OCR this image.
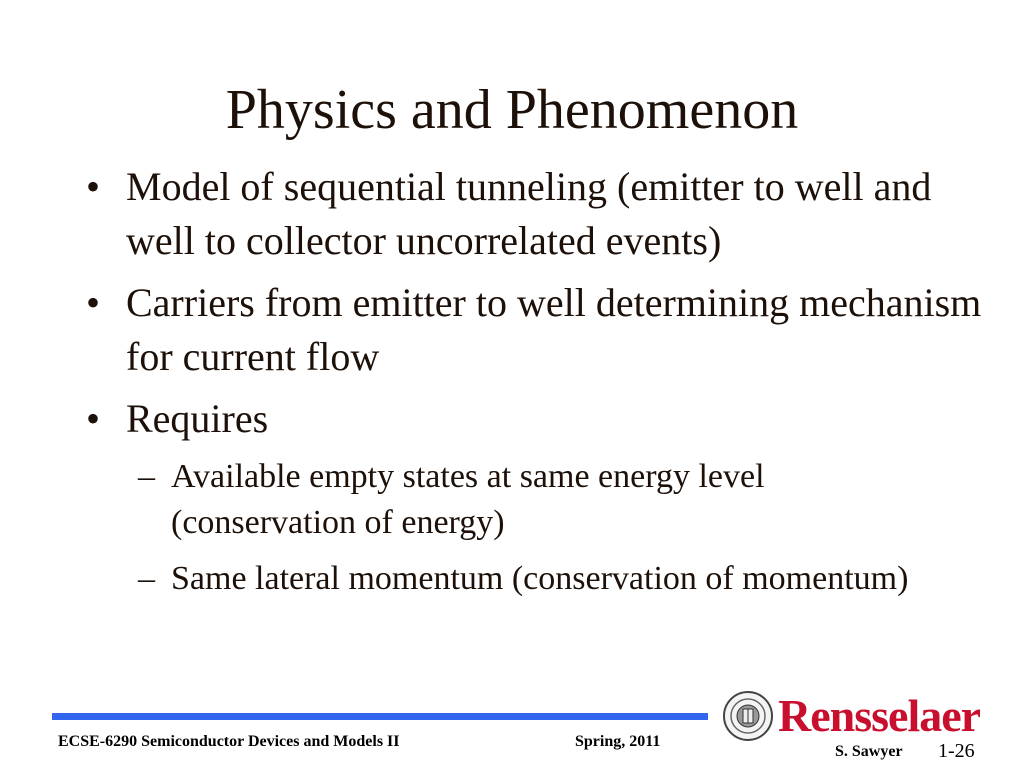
Physics and Phenomenon
• Model of sequential tunneling (emitter to well and well to collector uncorrelated events)
• Carriers from emitter to well determining mechanism for current flow
• Requires
– Available empty states at same energy level (conservation of energy)
– Same lateral momentum (conservation of momentum)
ECSE-6290 Semiconductor Devices and Models II	Spring, 2011
Rensselaer
S. Sawyer 1-26
